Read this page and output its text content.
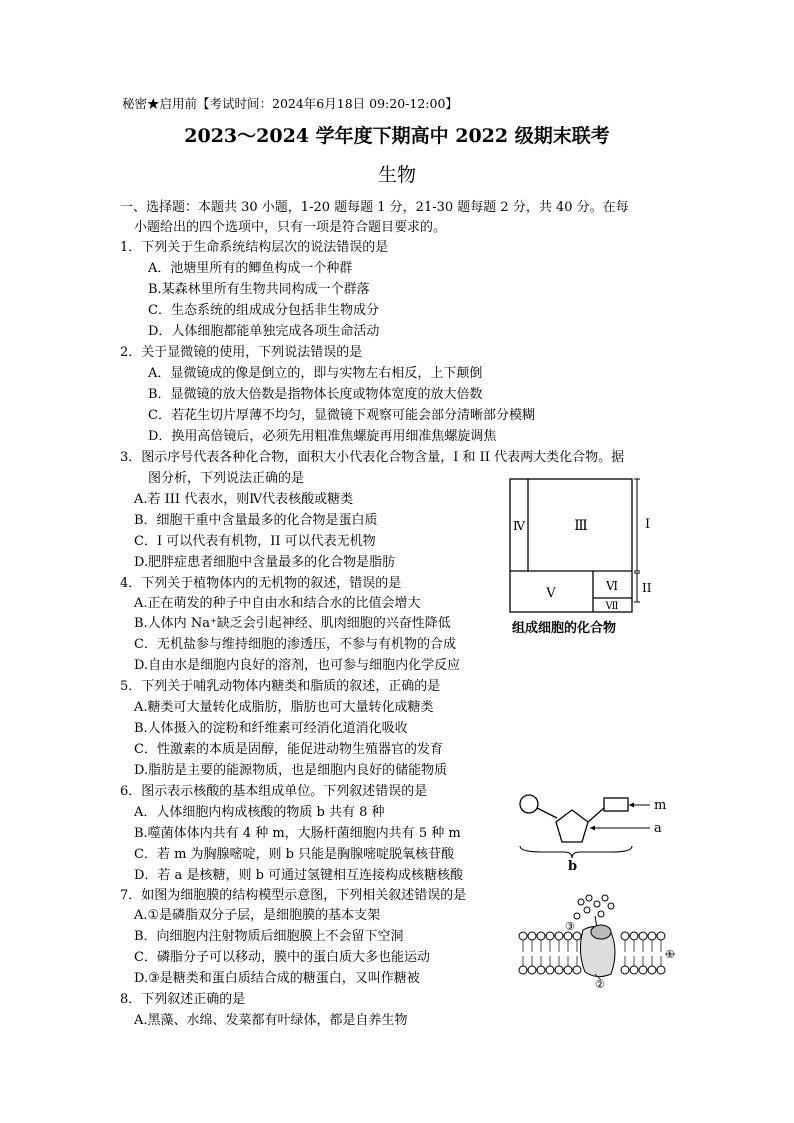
秘密★启用前【考试时间：2024年6月18日 09:20-12:00】
2023～2024 学年度下期高中 2022 级期末联考
生物
一、选择题：本题共 30 小题，1-20 题每题 1 分，21-30 题每题 2 分，共 40 分。在每
小题给出的四个选项中，只有一项是符合题目要求的。
1．下列关于生命系统结构层次的说法错误的是
A．池塘里所有的鲫鱼构成一个种群
B.某森林里所有生物共同构成一个群落
C．生态系统的组成成分包括非生物成分
D．人体细胞都能单独完成各项生命活动
2．关于显微镜的使用，下列说法错误的是
A．显微镜成的像是倒立的，即与实物左右相反，上下颠倒
B．显微镜的放大倍数是指物体长度或物体宽度的放大倍数
C．若花生切片厚薄不均匀，显微镜下观察可能会部分清晰部分模糊
D．换用高倍镜后，必须先用粗准焦螺旋再用细准焦螺旋调焦
3．图示序号代表各种化合物，面积大小代表化合物含量，I 和 II 代表两大类化合物。据
图分析，下列说法正确的是
A.若 III 代表水，则Ⅳ代表核酸或糖类
B．细胞干重中含量最多的化合物是蛋白质
C．I 可以代表有机物，II 可以代表无机物
D.肥胖症患者细胞中含量最多的化合物是脂肪
Ⅳ	Ⅲ
Ⅴ	Ⅵ
Ⅶ
I
II
组成细胞的化合物
4．下列关于植物体内的无机物的叙述，错误的是
A.正在萌发的种子中自由水和结合水的比值会增大
B.人体内 Na⁺缺乏会引起神经、肌肉细胞的兴奋性降低
C．无机盐参与维持细胞的渗透压，不参与有机物的合成
D.自由水是细胞内良好的溶剂，也可参与细胞内化学反应
5．下列关于哺乳动物体内糖类和脂质的叙述，正确的是
A.糖类可大量转化成脂肪，脂肪也可大量转化成糖类
B.人体摄入的淀粉和纤维素可经消化道消化吸收
C．性激素的本质是固醇，能促进动物生殖器官的发育
D.脂肪是主要的能源物质，也是细胞内良好的储能物质
6．图示表示核酸的基本组成单位。下列叙述错误的是
A．人体细胞内构成核酸的物质 b 共有 8 种
B.噬菌体体内共有 4 种 m，大肠杆菌细胞内共有 5 种 m
C．若 m 为胸腺嘧啶，则 b 只能是胸腺嘧啶脱氧核苷酸
D．若 a 是核糖，则 b 可通过氢键相互连接构成核糖核酸
m
a
b
7．如图为细胞膜的结构模型示意图，下列相关叙述错误的是
A.①是磷脂双分子层，是细胞膜的基本支架
B．向细胞内注射物质后细胞膜上不会留下空洞
C．磷脂分子可以移动，膜中的蛋白质大多也能运动
D.③是糖类和蛋白质结合成的糖蛋白，又叫作糖被
③
①
②
8．下列叙述正确的是
A.黑藻、水绵、发菜都有叶绿体，都是自养生物
